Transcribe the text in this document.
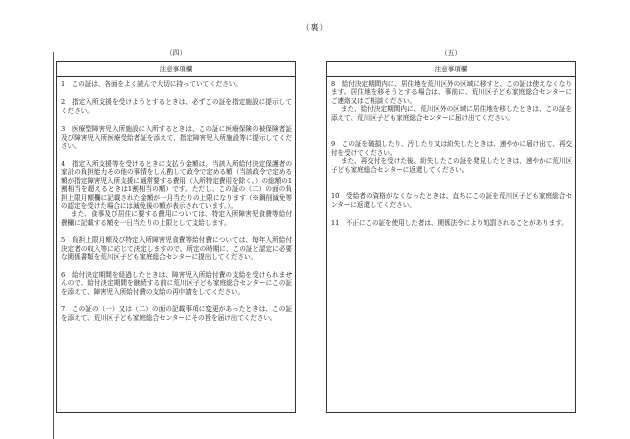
（裏）
（四）
注意事項欄

1　この証は、各面をよく読んで大切に持っていてください。

2　指定入所支援を受けようとするときは、必ずこの証を指定施設に提示してください。

3　医療型障害児入所施設に入所するときは、この証に医療保険の被保険者証及び障害児入所医療受給者証を添えて、指定障害児入所施設等に提示してください。

4　指定入所支援等を受けるときに支払う金額は、当該入所給付決定保護者の家計の負担能力その他の事情をしん酌して政令で定める額（当該政令で定める額が指定障害児入所支援に通常要する費用（入所特定費用を除く。）の総額の1割相当を超えるときは1割相当の額）です。ただし、この証の（二）の面の負担上限月額欄に記載された金額が一月当たりの上限になります（※鋼削減免等の認定を受けた場合には減免後の額が表示されています。）。

また、食事及び居住に要する費用については、特定入所障害児食費等給付費欄に記載する額を一日当たりの上限として支給します。

5　負担上限月額及び特定入所障害児食費等給付費については、毎年入所給付決定者の収入等に応じて決定しますので、所定の時期に、この証と認定に必要な関係書類を荒川区子ども家庭総合センターに提出してください。

6　給付決定期間を経過したときは、障害児入所給付費の支給を受けられませんので、給付決定期間を継続する前に荒川区子ども家庭総合センターにこの証を添えて、障害児入所給付費の支給の再申請をしてください。

7　この証の（一）又は（二）の面の記載事項に変更があったときは、この証を添えて、荒川区子ども家庭総合センターにその旨を届け出てください。

（五）
注意事項欄

8　給付決定期間内に、居住地を荒川区外の区域に移すと、この証は使えなくなります。居住地を移そうとする場合は、事前に、荒川区子ども家庭総合センターにご連絡又はご相談ください。

また、給付決定期間内に、荒川区外の区域に居住地を移したときは、この証を添えて、荒川区子ども家庭総合センターに届け出てください。

9　この証を破損したり、汚したり又は紛失したときは、速やかに届け出て、再交付を受けてください。

また、再交付を受けた後、紛失したこの証を発見したときは、速やかに荒川区子ども家庭総合センターに返還してください。

10　受給者の資格がなくなったときは、直ちにこの証を荒川区子ども家庭総合センターに返還してください。

11　不正にこの証を使用した者は、関係法令により処罰されることがあります。
